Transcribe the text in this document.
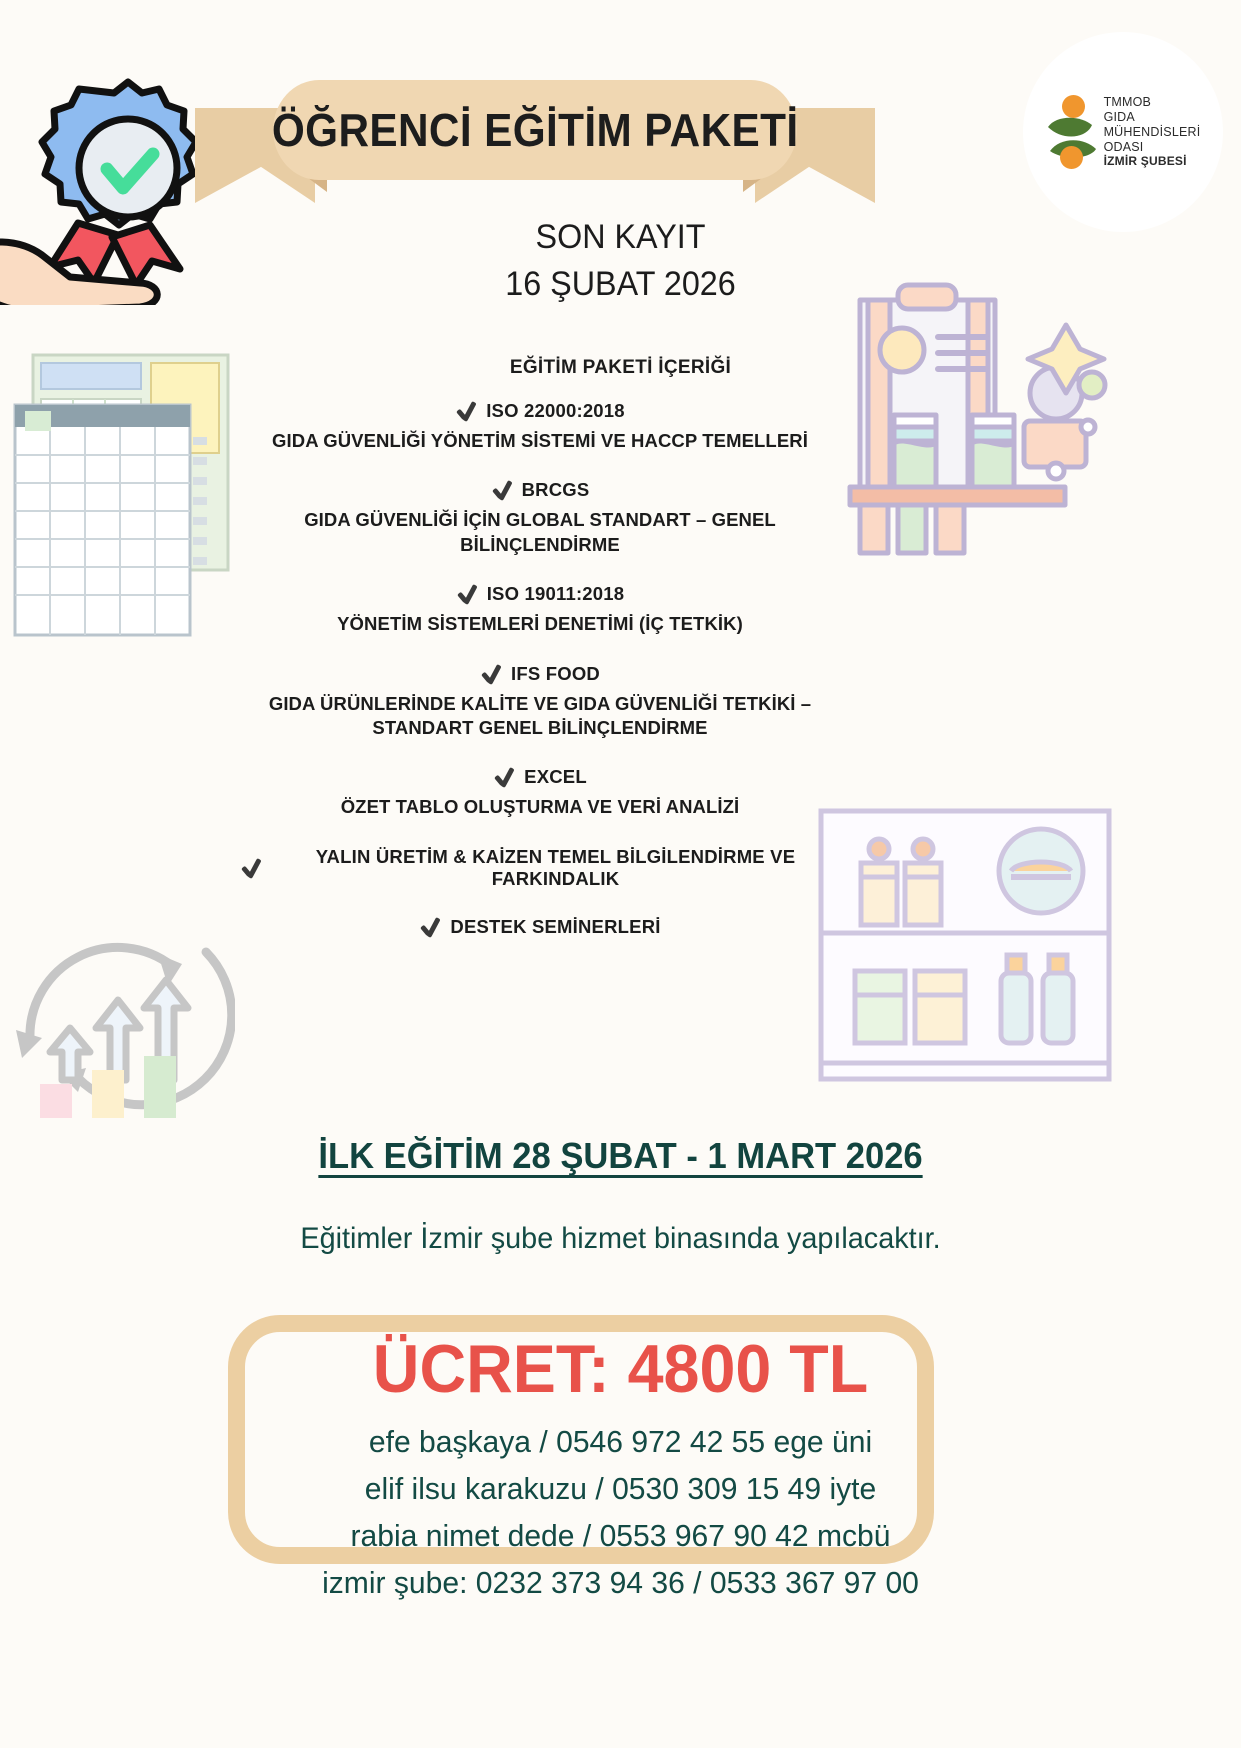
ÖĞRENCİ EĞİTİM PAKETİ
TMMOB
GIDA
MÜHENDİSLERİ
ODASI
İZMİR ŞUBESİ
SON KAYIT
16 ŞUBAT 2026
EĞİTİM PAKETİ İÇERİĞİ
ISO 22000:2018
GIDA GÜVENLİĞİ YÖNETİM SİSTEMİ VE HACCP TEMELLERİ
BRCGS
GIDA GÜVENLİĞİ İÇİN GLOBAL STANDART – GENEL BİLİNÇLENDİRME
ISO 19011:2018
YÖNETİM SİSTEMLERİ DENETİMİ (İÇ TETKİK)
IFS FOOD
GIDA ÜRÜNLERİNDE KALİTE VE GIDA GÜVENLİĞİ TETKİKİ – STANDART GENEL BİLİNÇLENDİRME
EXCEL
ÖZET TABLO OLUŞTURMA VE VERİ ANALİZİ
YALIN ÜRETİM & KAİZEN TEMEL BİLGİLENDİRME VE FARKINDALIK
DESTEK SEMİNERLERİ
İLK EĞİTİM 28 ŞUBAT - 1 MART 2026
Eğitimler İzmir şube hizmet binasında yapılacaktır.
ÜCRET: 4800 TL
efe başkaya / 0546 972 42 55 ege üni
elif ilsu karakuzu / 0530 309 15 49 iyte
rabia nimet dede / 0553 967 90 42 mcbü
izmir şube: 0232 373 94 36 / 0533 367 97 00
